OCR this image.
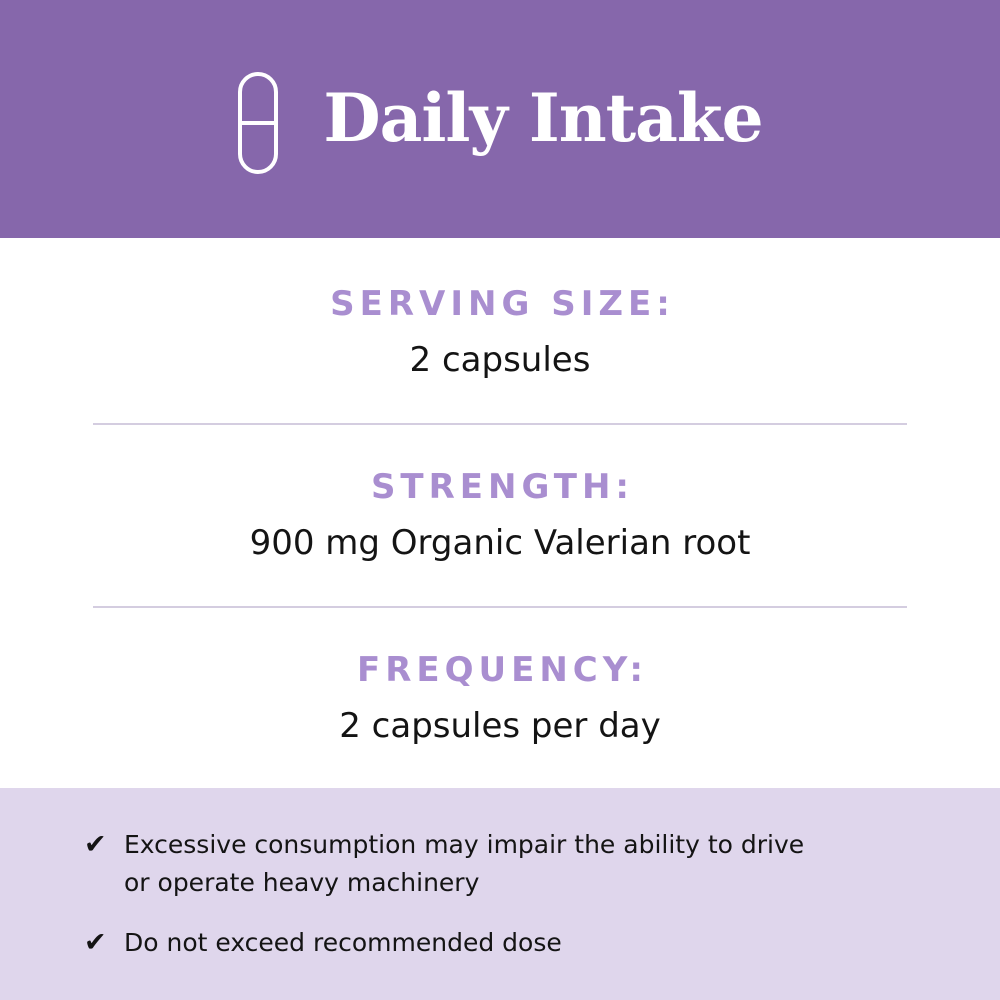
Daily Intake
SERVING SIZE:
2 capsules
STRENGTH:
900 mg Organic Valerian root
FREQUENCY:
2 capsules per day
✔ Excessive consumption may impair the ability to drive
or operate heavy machinery
✔ Do not exceed recommended dose
